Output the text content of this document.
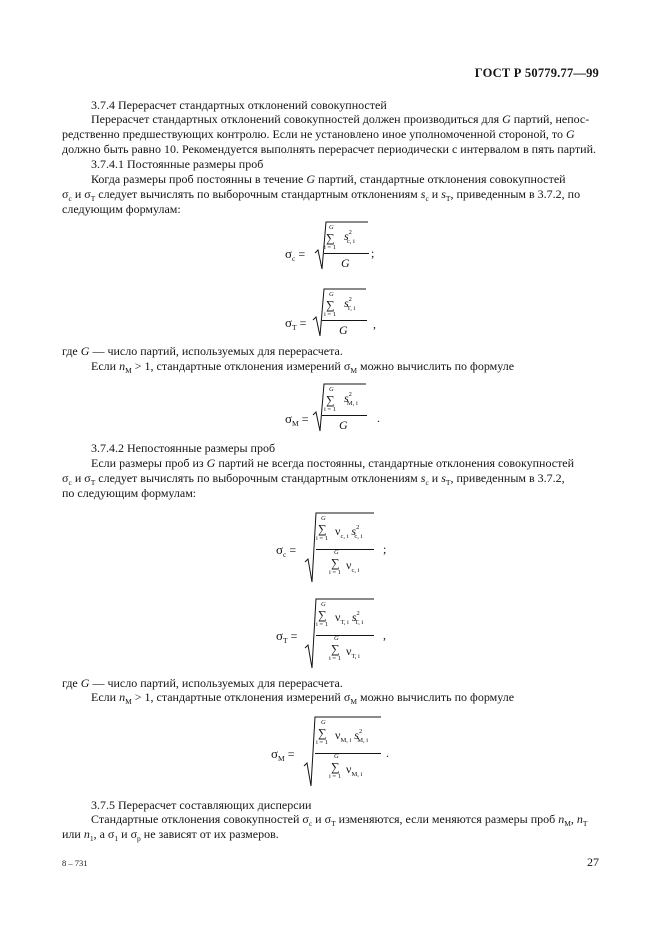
ГОСТ Р 50779.77—99
3.7.4 Перерасчет стандартных отклонений совокупностей
Перерасчет стандартных отклонений совокупностей должен производиться для G партий, непос-
редственно предшествующих контролю. Если не установлено иное уполномоченной стороной, то G
должно быть равно 10. Рекомендуется выполнять перерасчет периодически с интервалом в пять партий.
3.7.4.1 Постоянные размеры проб
Когда размеры проб постоянны в течение G партий, стандартные отклонения совокупностей
$\sigma_с$ и $\sigma_Т$ следует вычислять по выборочным стандартным отклонениям $s_с$ и $s_Т$, приведенным в 3.7.2, по
следующим формулам:
$\sigma_с$ =
G
∑
i = 1
$s^2_{с, i}$
G
;
$\sigma_Т$ =
G
∑
i = 1
$s^2_{Т, i}$
G ,
где G — число партий, используемых для перерасчета.
Если $n_М > 1$, стандартные отклонения измерений $\sigma_М$ можно вычислить по формуле
$\sigma_М$ =
G
∑
i = 1
$s^2_{М, i}$
G .
3.7.4.2 Непостоянные размеры проб
Если размеры проб из G партий не всегда постоянны, стандартные отклонения совокупностей
$\sigma_с$ и $\sigma_Т$ следует вычислять по выборочным стандартным отклонениям $s_с$ и $s_Т$, приведенным в 3.7.2,
по следующим формулам:
$\sigma_с$ =
G
∑
i = 1
$\nu_{с, i}$ $s^2_{с, i}$
G
∑
i = 1
$\nu_{с, i}$
;
$\sigma_Т$ =
G
∑
i = 1
$\nu_{Т, i}$ $s^2_{Т, i}$
G
∑
i = 1
$\nu_{Т, i}$
,
где G — число партий, используемых для перерасчета.
Если $n_М > 1$, стандартные отклонения измерений $\sigma_М$ можно вычислить по формуле
$\sigma_М$ =
G
∑
i = 1
$\nu_{М, i}$ $s^2_{М, i}$
G
∑
i = 1
$\nu_{М, i}$
.
3.7.5 Перерасчет составляющих дисперсии
Стандартные отклонения совокупностей $\sigma_с$ и $\sigma_Т$ изменяются, если меняются размеры проб $n_М$, $n_Т$
или $n_1$, а $\sigma_1$ и $\sigma_р$ не зависят от их размеров.
8 – 731	27
